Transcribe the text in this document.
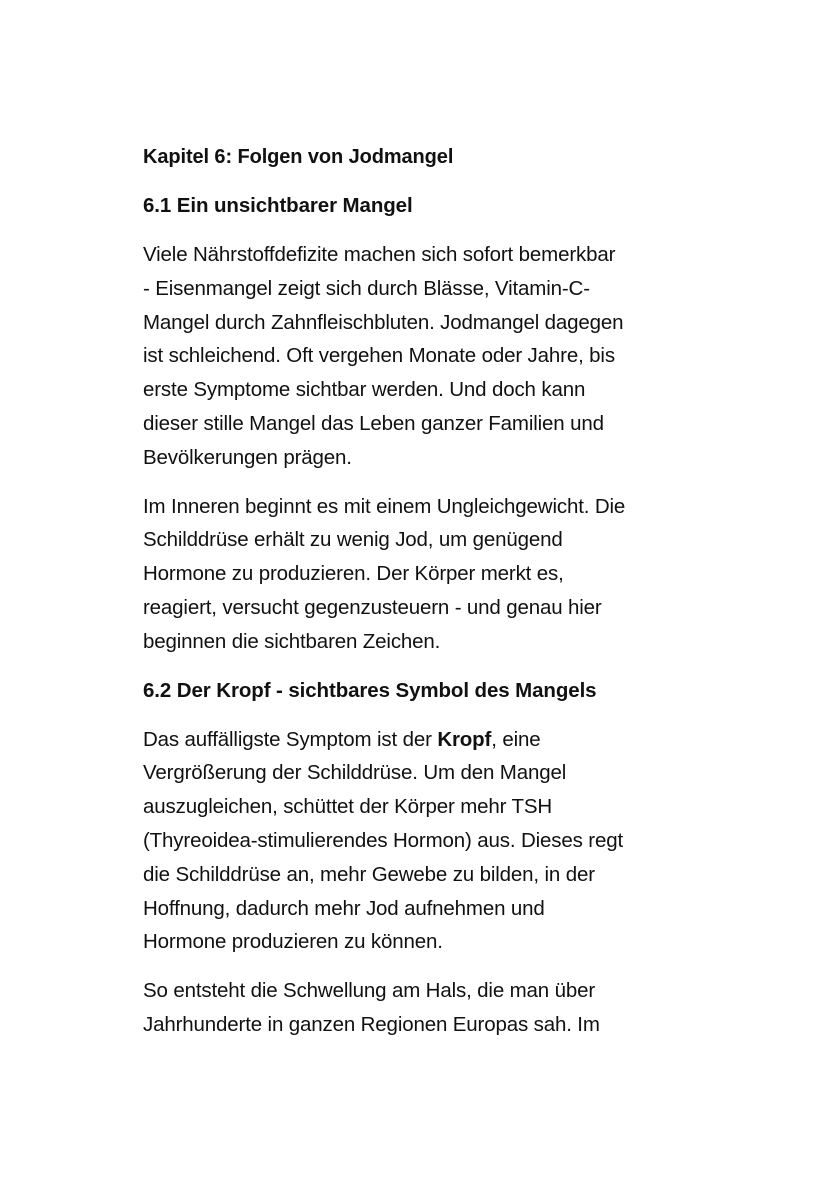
Kapitel 6: Folgen von Jodmangel
6.1 Ein unsichtbarer Mangel

Viele Nährstoffdefizite machen sich sofort bemerkbar
- Eisenmangel zeigt sich durch Blässe, Vitamin-C-
Mangel durch Zahnfleischbluten. Jodmangel dagegen
ist schleichend. Oft vergehen Monate oder Jahre, bis
erste Symptome sichtbar werden. Und doch kann
dieser stille Mangel das Leben ganzer Familien und
Bevölkerungen prägen.

Im Inneren beginnt es mit einem Ungleichgewicht. Die
Schilddrüse erhält zu wenig Jod, um genügend
Hormone zu produzieren. Der Körper merkt es,
reagiert, versucht gegenzusteuern - und genau hier
beginnen die sichtbaren Zeichen.

6.2 Der Kropf - sichtbares Symbol des Mangels

Das auffälligste Symptom ist der Kropf, eine
Vergrößerung der Schilddrüse. Um den Mangel
auszugleichen, schüttet der Körper mehr TSH
(Thyreoidea-stimulierendes Hormon) aus. Dieses regt
die Schilddrüse an, mehr Gewebe zu bilden, in der
Hoffnung, dadurch mehr Jod aufnehmen und
Hormone produzieren zu können.

So entsteht die Schwellung am Hals, die man über
Jahrhunderte in ganzen Regionen Europas sah. Im
